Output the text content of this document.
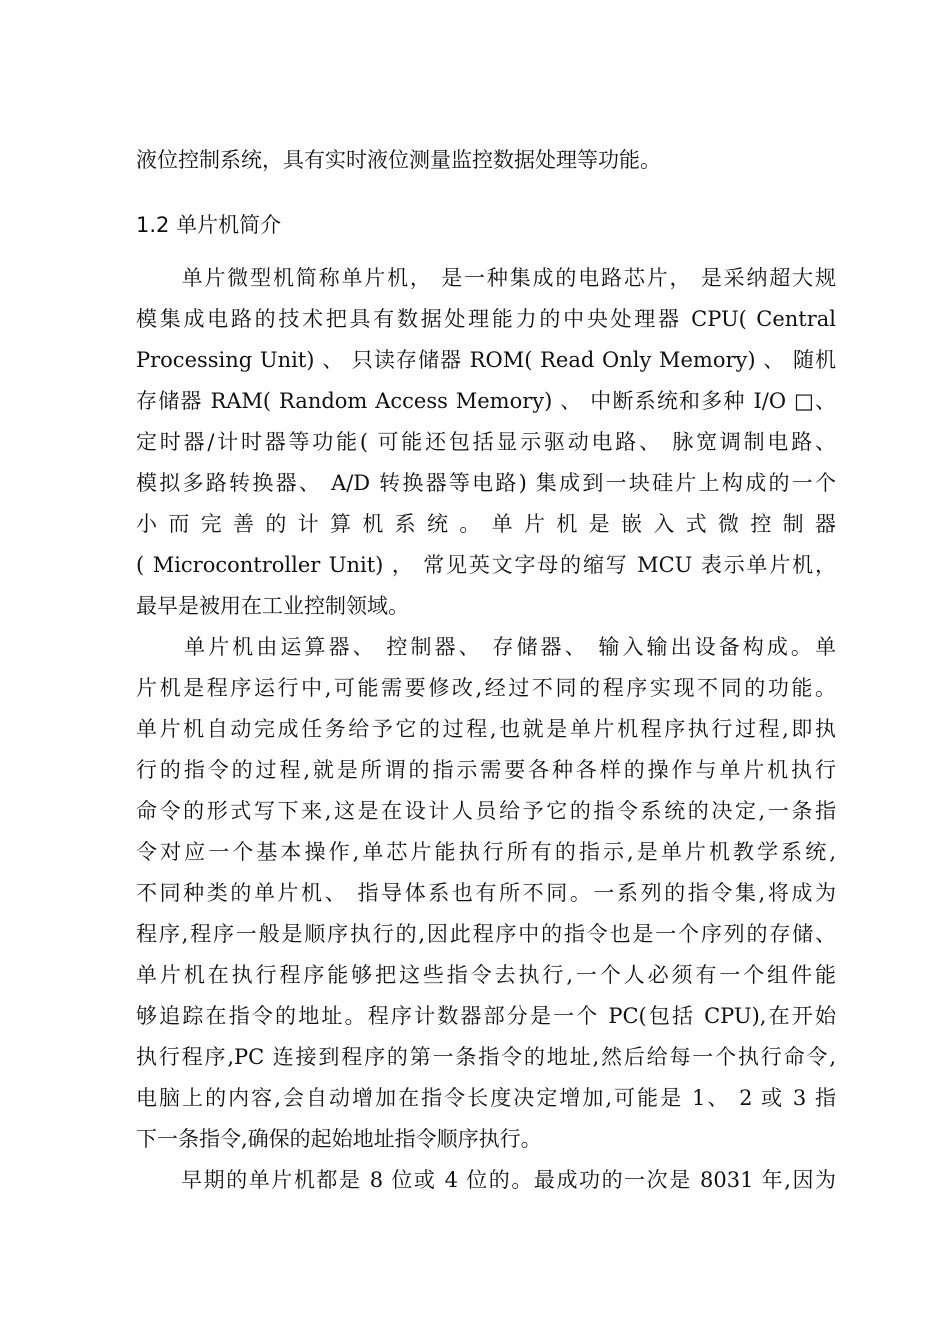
液位控制系统，具有实时液位测量监控数据处理等功能。
1.2 单片机简介
　　单片微型机简称单片机， 是一种集成的电路芯片， 是采纳超大规
模集成电路的技术把具有数据处理能力的中央处理器 CPU( Central
Processing Unit) 、 只读存储器 ROM( Read Only Memory) 、 随机
存储器 RAM( Random Access Memory) 、 中断系统和多种 I/O □、
定时器/计时器等功能( 可能还包括显示驱动电路、 脉宽调制电路、
模拟多路转换器、 A/D 转换器等电路) 集成到一块硅片上构成的一个
小 而 完 善 的 计 算 机 系 统 。 单 片 机 是 嵌 入 式 微 控 制 器
( Microcontroller Unit) ， 常见英文字母的缩写 MCU 表示单片机，
最早是被用在工业控制领域。
　　单片机由运算器、 控制器、 存储器、 输入输出设备构成。单
片机是程序运行中,可能需要修改,经过不同的程序实现不同的功能。
单片机自动完成任务给予它的过程,也就是单片机程序执行过程,即执
行的指令的过程,就是所谓的指示需要各种各样的操作与单片机执行
命令的形式写下来,这是在设计人员给予它的指令系统的决定,一条指
令对应一个基本操作,单芯片能执行所有的指示,是单片机教学系统,
不同种类的单片机、 指导体系也有所不同。一系列的指令集,将成为
程序,程序一般是顺序执行的,因此程序中的指令也是一个序列的存储、
单片机在执行程序能够把这些指令去执行,一个人必须有一个组件能
够追踪在指令的地址。程序计数器部分是一个 PC(包括 CPU),在开始
执行程序,PC 连接到程序的第一条指令的地址,然后给每一个执行命令,
电脑上的内容,会自动增加在指令长度决定增加,可能是 1、 2 或 3 指
下一条指令,确保的起始地址指令顺序执行。
　　早期的单片机都是 8 位或 4 位的。最成功的一次是 8031 年,因为
